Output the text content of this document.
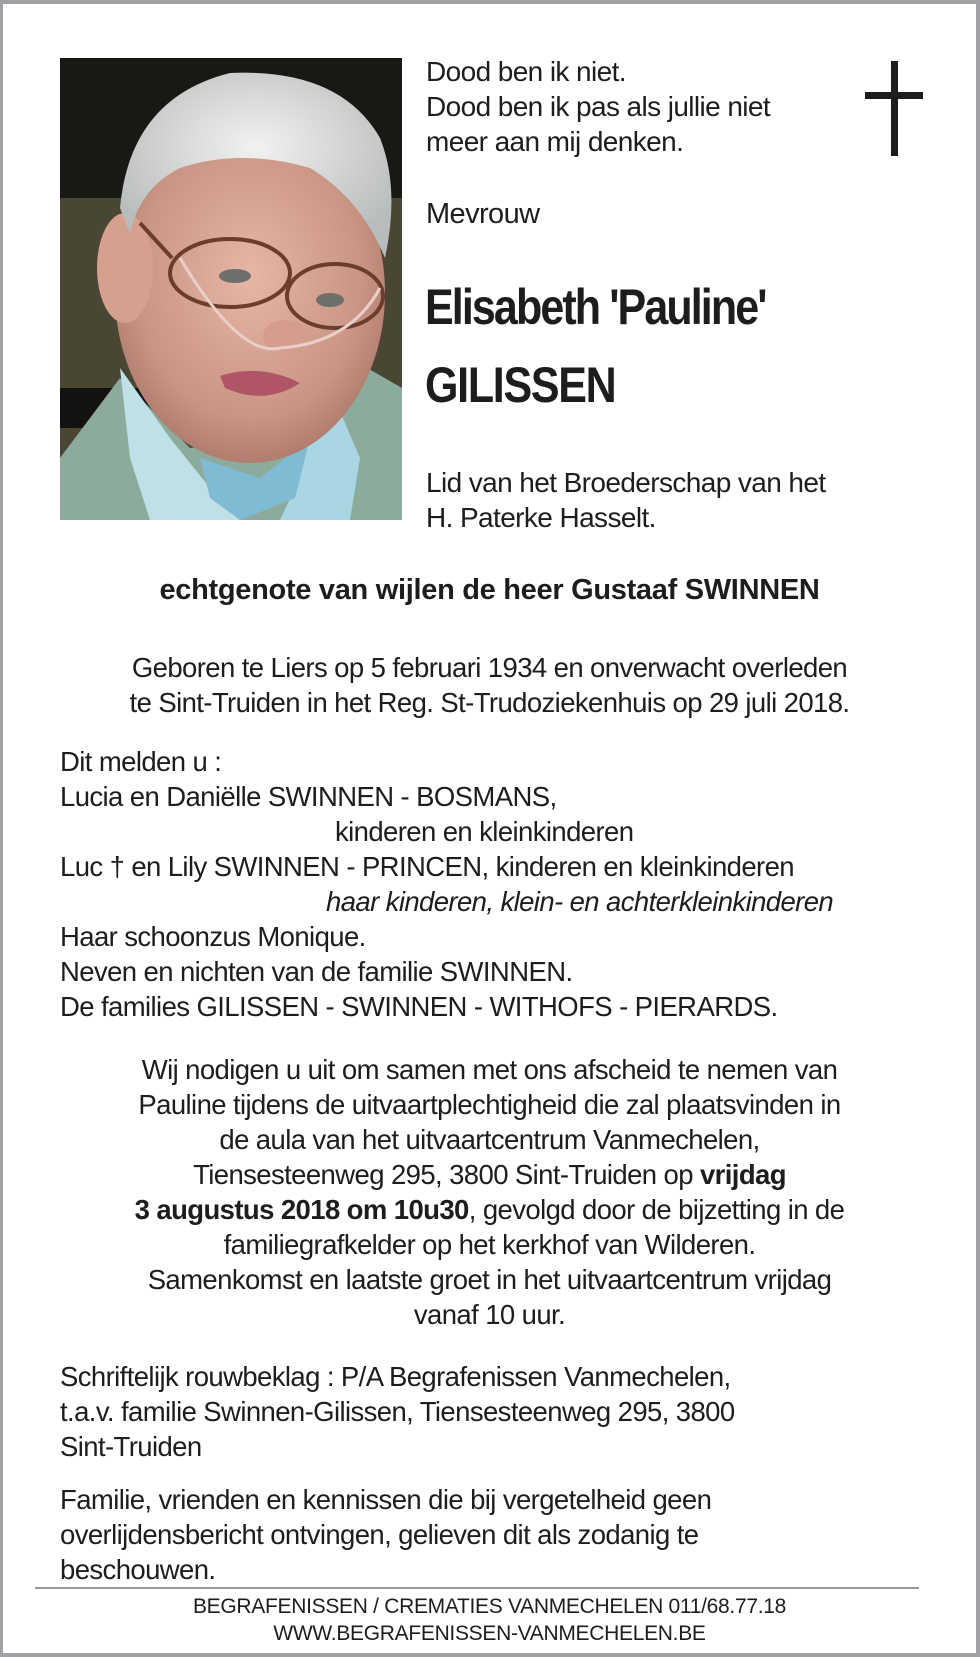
Dood ben ik niet.
Dood ben ik pas als jullie niet
meer aan mij denken.
Mevrouw
Elisabeth 'Pauline'
GILISSEN
Lid van het Broederschap van het
H. Paterke Hasselt.
echtgenote van wijlen de heer Gustaaf SWINNEN
Geboren te Liers op 5 februari 1934 en onverwacht overleden
te Sint-Truiden in het Reg. St-Trudoziekenhuis op 29 juli 2018.
Dit melden u :
Lucia en Daniëlle SWINNEN - BOSMANS,
kinderen en kleinkinderen
Luc † en Lily SWINNEN - PRINCEN, kinderen en kleinkinderen
haar kinderen, klein- en achterkleinkinderen
Haar schoonzus Monique.
Neven en nichten van de familie SWINNEN.
De families GILISSEN - SWINNEN - WITHOFS - PIERARDS.
Wij nodigen u uit om samen met ons afscheid te nemen van
Pauline tijdens de uitvaartplechtigheid die zal plaatsvinden in
de aula van het uitvaartcentrum Vanmechelen,
Tiensesteenweg 295, 3800 Sint-Truiden op vrijdag
3 augustus 2018 om 10u30, gevolgd door de bijzetting in de
familiegrafkelder op het kerkhof van Wilderen.
Samenkomst en laatste groet in het uitvaartcentrum vrijdag
vanaf 10 uur.
Schriftelijk rouwbeklag : P/A Begrafenissen Vanmechelen,
t.a.v. familie Swinnen-Gilissen, Tiensesteenweg 295, 3800
Sint-Truiden
Familie, vrienden en kennissen die bij vergetelheid geen
overlijdensbericht ontvingen, gelieven dit als zodanig te
beschouwen.
BEGRAFENISSEN / CREMATIES VANMECHELEN 011/68.77.18
WWW.BEGRAFENISSEN-VANMECHELEN.BE
